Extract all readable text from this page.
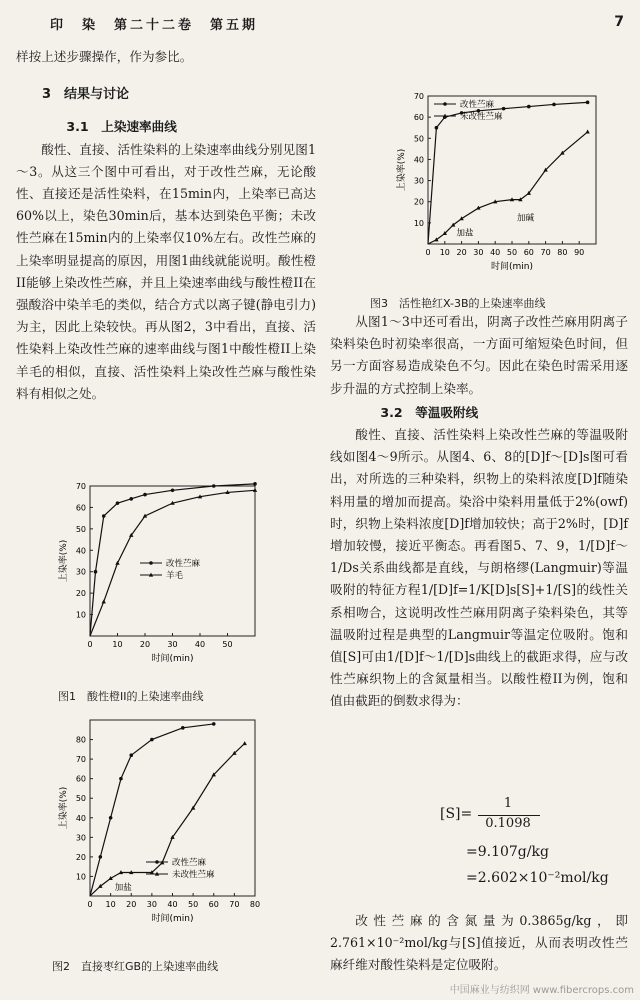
印　染　第二十二卷　第五期	7

样按上述步骤操作，作为参比。

3　结果与讨论

3.1　上染速率曲线

酸性、直接、活性染料的上染速率曲线分别见图1～3。从这三个图中可看出，对于改性苎麻，无论酸性、直接还是活性染料，在15min内，上染率已高达60%以上，染色30min后，基本达到染色平衡；未改性苎麻在15min内的上染率仅10%左右。改性苎麻的上染率明显提高的原因，用图1曲线就能说明。酸性橙II能够上染改性苎麻，并且上染速率曲线与酸性橙II在强酸浴中染羊毛的类似，结合方式以离子键(静电引力)为主，因此上染较快。再从图2，3中看出，直接、活性染料上染改性苎麻的速率曲线与图1中酸性橙II上染羊毛的相似，直接、活性染料上染改性苎麻与酸性染料有相似之处。

0 10 20 30 40 50
10
20
30
40
50
60
70
时间(min)
上染率(%)	改性苎麻
羊毛
图1　酸性橙II的上染速率曲线
0 10 20 30 40 50 60 70 80
10
20
30
40
50
60
70
80
时间(min)
上染率(%)
改性苎麻
未改性苎麻
加盐
图2　直接枣红GB的上染速率曲线
0 10 20 30 40 50 60 70 80 90
10
20
30
40
50
60
70
时间(min)
上染率(%)
改性苎麻
未改性苎麻
加盐
加碱
图3　活性艳红X-3B的上染速率曲线

从图1～3中还可看出，阴离子改性苎麻用阴离子染料染色时初染率很高，一方面可缩短染色时间，但另一方面容易造成染色不匀。因此在染色时需采用逐步升温的方式控制上染率。

3.2　等温吸附线

酸性、直接、活性染料上染改性苎麻的等温吸附线如图4～9所示。从图4、6、8的[D]f～[D]s图可看出，对所选的三种染料，织物上的染料浓度[D]f随染料用量的增加而提高。染浴中染料用量低于2%(owf)时，织物上染料浓度[D]f增加较快；高于2%时，[D]f增加较慢，接近平衡态。再看图5、7、9，1/[D]f～1/Ds关系曲线都是直线，与朗格缪(Langmuir)等温吸附的特征方程1/[D]f=1/K[D]s[S]+1/[S]的线性关系相吻合，这说明改性苎麻用阴离子染料染色，其等温吸附过程是典型的Langmuir等温定位吸附。饱和值[S]可由1/[D]f～1/[D]s曲线上的截距求得，应与改性苎麻织物上的含氮量相当。以酸性橙II为例，饱和值由截距的倒数求得为：

[S]=
1
0.1098
=9.107g/kg
=2.602×10⁻²mol/kg

改性苎麻的含氮量为0.3865g/kg，即2.761×10⁻²mol/kg与[S]值接近，从而表明改性苎麻纤维对酸性染料是定位吸附。

中国麻业与纺织网 www.fibercrops.com
